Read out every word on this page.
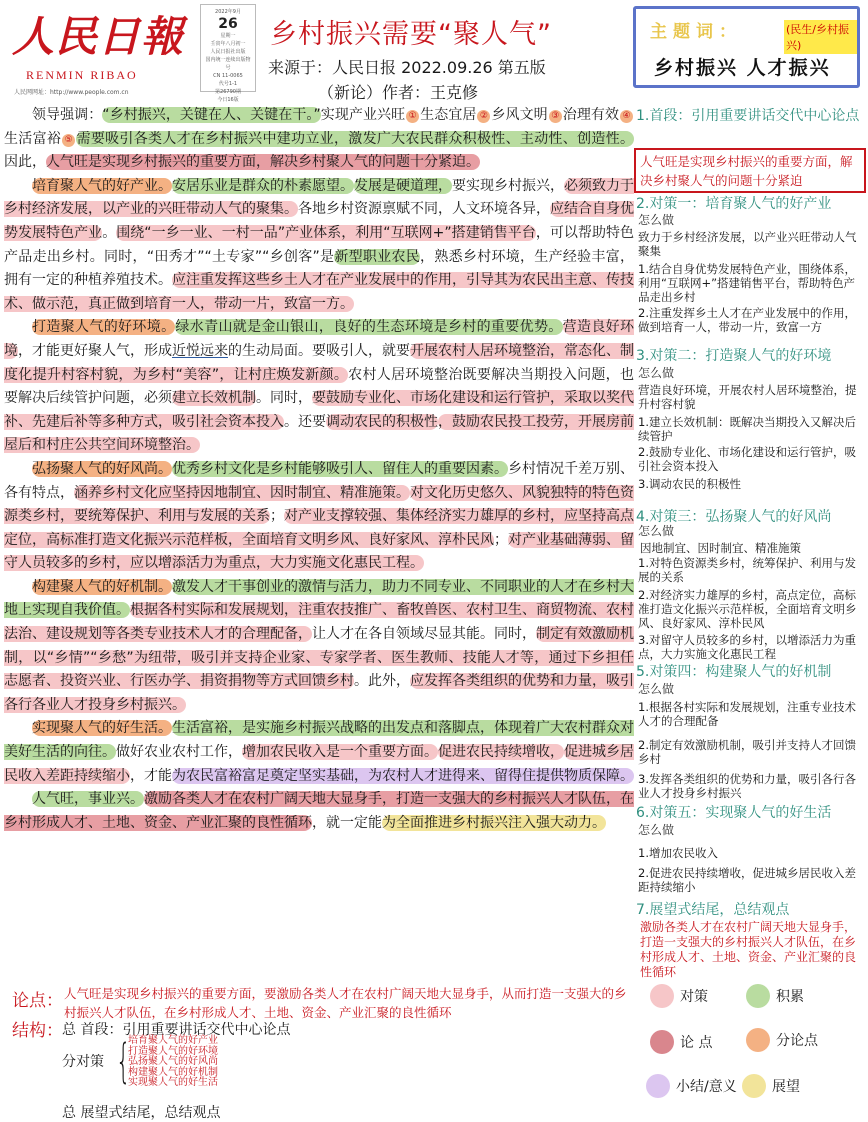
人民日報
RENMIN RIBAO
人民网网址：http://www.people.com.cn
2022年9月
26
星期一
壬寅年八月初一
人民日报社出版
国内统一连续出版物号
CN 11-0065
代号1-1
第26790期
今日16版
乡村振兴需要“聚人气”
来源于：人民日报 2022.09.26 第五版
（新论）作者：王克修
主题词：	(民生/乡村振兴)
乡村振兴 人才振兴

领导强调：“乡村振兴，关键在人、关键在干。”实现产业兴旺 ① 生态宜居 ② 乡风文明 ③ 治理有效 ④生活富裕 ⑤ 需要吸引各类人才在乡村振兴中建功立业，激发广大农民群众积极性、主动性、创造性。因此，人气旺是实现乡村振兴的重要方面，解决乡村聚人气的问题十分紧迫。

培育聚人气的好产业。安居乐业是群众的朴素愿望。发展是硬道理，要实现乡村振兴，必须致力于乡村经济发展，以产业的兴旺带动人气的聚集。各地乡村资源禀赋不同，人文环境各异，应结合自身优势发展特色产业。围绕“一乡一业、一村一品”产业体系，利用“互联网+”搭建销售平台，可以帮助特色产品走出乡村。同时，“田秀才”“土专家”“乡创客”是新型职业农民，熟悉乡村环境，生产经验丰富，拥有一定的种植养殖技术。应注重发挥这些乡土人才在产业发展中的作用，引导其为农民出主意、传技术、做示范，真正做到培育一人，带动一片，致富一方。

打造聚人气的好环境。绿水青山就是金山银山，良好的生态环境是乡村的重要优势。营造良好环境，才能更好聚人气，形成近悦远来的生动局面。要吸引人，就要开展农村人居环境整治，常态化、制度化提升村容村貌，为乡村“美容”，让村庄焕发新颜。农村人居环境整治既要解决当期投入问题，也要解决后续管护问题，必须建立长效机制。同时，要鼓励专业化、市场化建设和运行管护，采取以奖代补、先建后补等多种方式，吸引社会资本投入。还要调动农民的积极性，鼓励农民投工投劳，开展房前屋后和村庄公共空间环境整治。

弘扬聚人气的好风尚。优秀乡村文化是乡村能够吸引人、留住人的重要因素。乡村情况千差万别、各有特点，涵养乡村文化应坚持因地制宜、因时制宜、精准施策。对文化历史悠久、风貌独特的特色资源类乡村，要统筹保护、利用与发展的关系；对产业支撑较强、集体经济实力雄厚的乡村，应坚持高点定位，高标准打造文化振兴示范样板，全面培育文明乡风、良好家风、淳朴民风；对产业基础薄弱、留守人员较多的乡村，应以增添活力为重点，大力实施文化惠民工程。

构建聚人气的好机制。激发人才干事创业的激情与活力，助力不同专业、不同职业的人才在乡村大地上实现自我价值。根据各村实际和发展规划，注重农技推广、畜牧兽医、农村卫生、商贸物流、农村法治、建设规划等各类专业技术人才的合理配备，让人才在各自领域尽显其能。同时，制定有效激励机制，以“乡情”“乡愁”为纽带，吸引并支持企业家、专家学者、医生教师、技能人才等，通过下乡担任志愿者、投资兴业、行医办学、捐资捐物等方式回馈乡村。此外，应发挥各类组织的优势和力量，吸引各行各业人才投身乡村振兴。

实现聚人气的好生活。生活富裕，是实施乡村振兴战略的出发点和落脚点，体现着广大农村群众对美好生活的向往。做好农业农村工作，增加农民收入是一个重要方面。促进农民持续增收，促进城乡居民收入差距持续缩小，才能为农民富裕富足奠定坚实基础，为农村人才进得来、留得住提供物质保障。

人气旺，事业兴。激励各类人才在农村广阔天地大显身手，打造一支强大的乡村振兴人才队伍，在乡村形成人才、土地、资金、产业汇聚的良性循环，就一定能为全面推进乡村振兴注入强大动力。

1.首段：引用重要讲话交代中心论点
人气旺是实现乡村振兴的重要方面，解决乡村聚人气的问题十分紧迫
2.对策一：培育聚人气的好产业
怎么做
致力于乡村经济发展，以产业兴旺带动人气聚集
1.结合自身优势发展特色产业，围绕体系，利用“互联网+”搭建销售平台，帮助特色产品走出乡村
2.注重发挥乡土人才在产业发展中的作用，做到培育一人，带动一片，致富一方
3.对策二：打造聚人气的好环境
怎么做
营造良好环境，开展农村人居环境整治，提升村容村貌
1.建立长效机制：既解决当期投入又解决后续管护
2.鼓励专业化、市场化建设和运行管护，吸引社会资本投入
3.调动农民的积极性
4.对策三：弘扬聚人气的好风尚
怎么做
因地制宜、因时制宜、精准施策
1.对特色资源类乡村，统筹保护、利用与发展的关系
2.对经济实力雄厚的乡村，高点定位，高标准打造文化振兴示范样板，全面培育文明乡风、良好家风、淳朴民风
3.对留守人员较多的乡村，以增添活力为重点，大力实施文化惠民工程
5.对策四：构建聚人气的好机制
怎么做
1.根据各村实际和发展规划，注重专业技术人才的合理配备
2.制定有效激励机制，吸引并支持人才回馈乡村
3.发挥各类组织的优势和力量，吸引各行各业人才投身乡村振兴
6.对策五：实现聚人气的好生活
怎么做
1.增加农民收入
2.促进农民持续增收，促进城乡居民收入差距持续缩小
7.展望式结尾，总结观点
激励各类人才在农村广阔天地大显身手，打造一支强大的乡村振兴人才队伍，在乡村形成人才、土地、资金、产业汇聚的良性循环
论点： 人气旺是实现乡村振兴的重要方面，要激励各类人才在农村广阔天地大显身手，从而打造一支强大的乡村振兴人才队伍，在乡村形成人才、土地、资金、产业汇聚的良性循环
结构： 总 首段：引用重要讲话交代中心论点
分对策 {
培育聚人气的好产业
打造聚人气的好环境
弘扬聚人气的好风尚
构建聚人气的好机制
实现聚人气的好生活
总 展望式结尾，总结观点
对策	积累
论 点	分论点
小结/意义	展望
